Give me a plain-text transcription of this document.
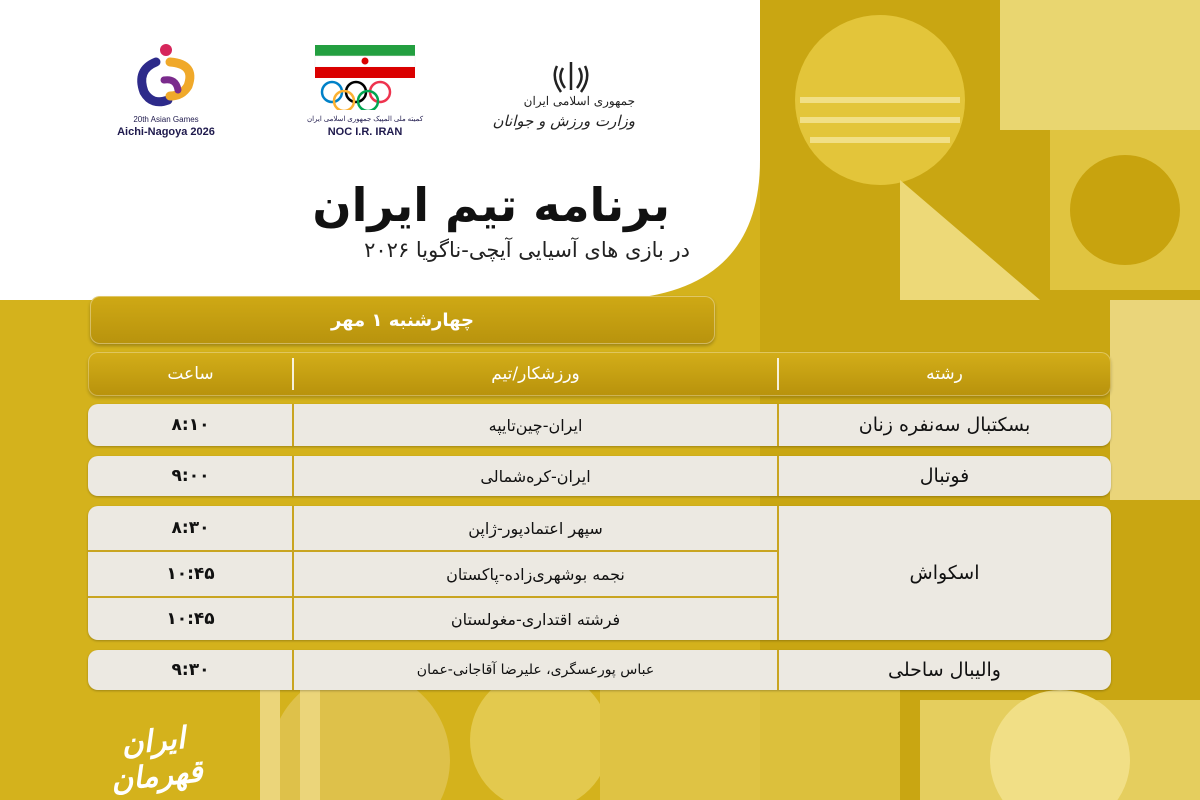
20th Asian Games
Aichi-Nagoya 2026
کمیته ملی المپیک جمهوری اسلامی ایران
NOC I.R. IRAN
جمهوری اسلامی ایران
وزارت ورزش و جوانان
برنامه تیم ایران
در بازی های آسیایی آیچی-ناگویا ۲۰۲۶
چهارشنبه ۱ مهر
رشته
ورزشکار/تیم
ساعت
بسکتبال سه‌نفره زنان
ایران-چین‌تایپه
۸:۱۰
فوتبال
ایران-کره‌شمالی
۹:۰۰
اسکواش
سپهر اعتمادپور-ژاپن
۸:۳۰
نجمه بوشهری‌زاده-پاکستان
۱۰:۴۵
فرشته اقتداری-مغولستان
۱۰:۴۵
والیبال ساحلی
عباس پورعسگری، علیرضا آقاجانی-عمان
۹:۳۰
ایران قهرمان
